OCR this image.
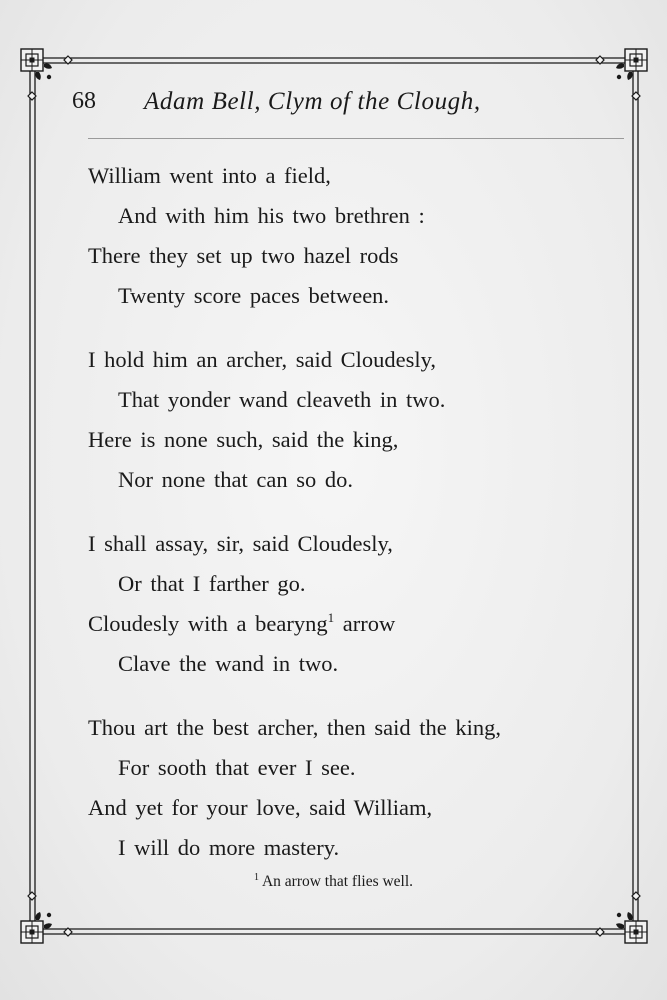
68 Adam Bell, Clym of the Clough,
William went into a field,
And with him his two brethren :
There they set up two hazel rods
Twenty score paces between.
I hold him an archer, said Cloudesly,
That yonder wand cleaveth in two.
Here is none such, said the king,
Nor none that can so do.
I shall assay, sir, said Cloudesly,
Or that I farther go.
Cloudesly with a bearyng$^1$ arrow
Clave the wand in two.
Thou art the best archer, then said the king,
For sooth that ever I see.
And yet for your love, said William,
I will do more mastery.
$^1$ An arrow that flies well.
